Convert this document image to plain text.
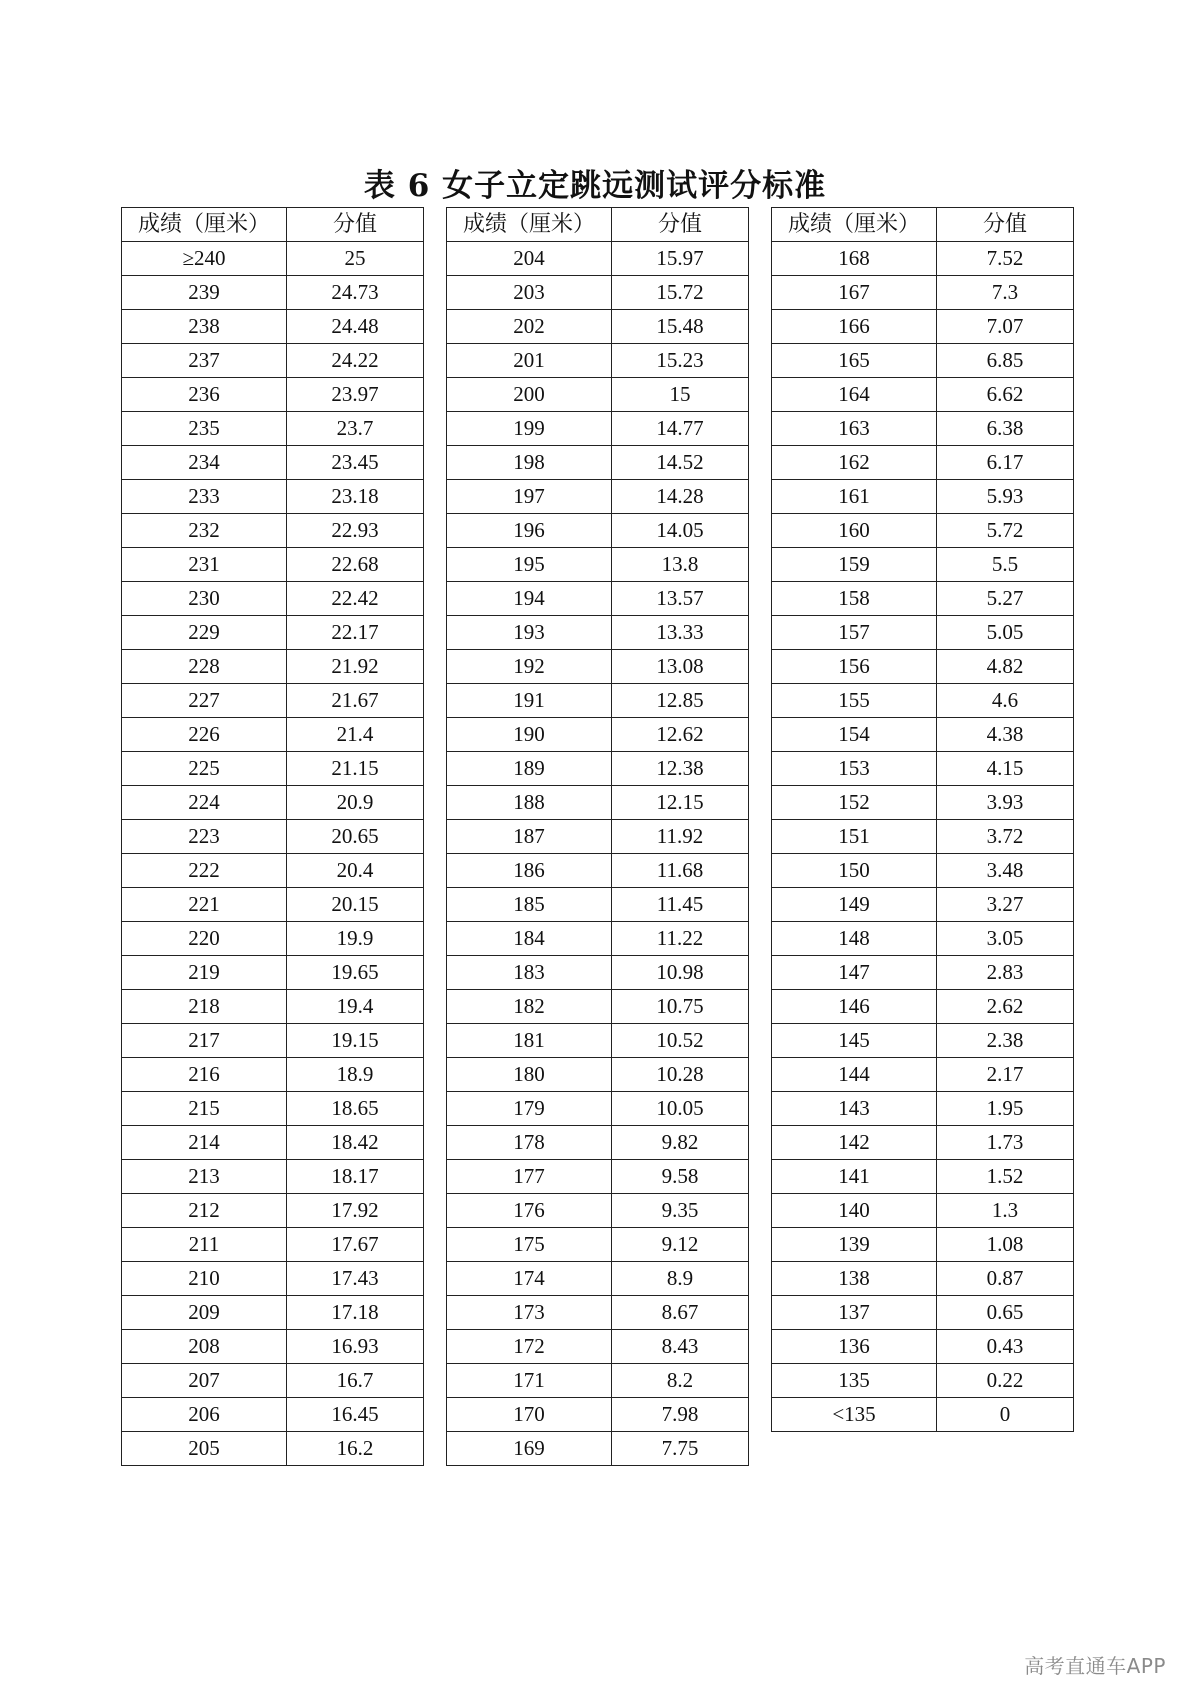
表 6 女子立定跳远测试评分标准
成绩（厘米）	分值
≥240	25
239	24.73
238	24.48
237	24.22
236	23.97
235	23.7
234	23.45
233	23.18
232	22.93
231	22.68
230	22.42
229	22.17
228	21.92
227	21.67
226	21.4
225	21.15
224	20.9
223	20.65
222	20.4
221	20.15
220	19.9
219	19.65
218	19.4
217	19.15
216	18.9
215	18.65
214	18.42
213	18.17
212	17.92
211	17.67
210	17.43
209	17.18
208	16.93
207	16.7
206	16.45
205	16.2
成绩（厘米）	分值
204	15.97
203	15.72
202	15.48
201	15.23
200	15
199	14.77
198	14.52
197	14.28
196	14.05
195	13.8
194	13.57
193	13.33
192	13.08
191	12.85
190	12.62
189	12.38
188	12.15
187	11.92
186	11.68
185	11.45
184	11.22
183	10.98
182	10.75
181	10.52
180	10.28
179	10.05
178	9.82
177	9.58
176	9.35
175	9.12
174	8.9
173	8.67
172	8.43
171	8.2
170	7.98
169	7.75
成绩（厘米）	分值
168	7.52
167	7.3
166	7.07
165	6.85
164	6.62
163	6.38
162	6.17
161	5.93
160	5.72
159	5.5
158	5.27
157	5.05
156	4.82
155	4.6
154	4.38
153	4.15
152	3.93
151	3.72
150	3.48
149	3.27
148	3.05
147	2.83
146	2.62
145	2.38
144	2.17
143	1.95
142	1.73
141	1.52
140	1.3
139	1.08
138	0.87
137	0.65
136	0.43
135	0.22
<135	0
高考直通车APP
